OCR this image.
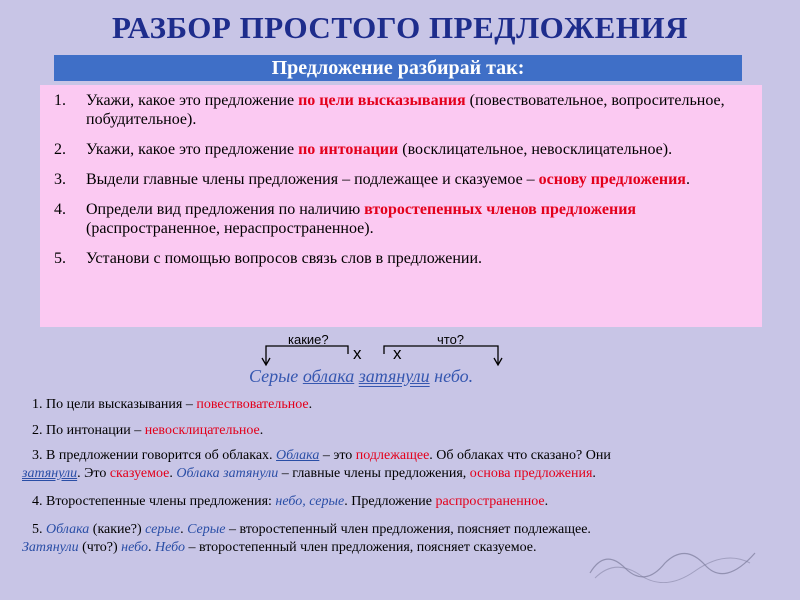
РАЗБОР ПРОСТОГО ПРЕДЛОЖЕНИЯ
Предложение разбирай так:
1. Укажи, какое это предложение по цели высказывания (повествовательное, вопросительное, побудительное).
2. Укажи, какое это предложение по интонации (восклицательное, невосклицательное).
3. Выдели главные члены предложения – подлежащее и сказуемое – основу предложения.
4. Определи вид предложения по наличию второстепенных членов предложения (распространенное, нераспространенное).
5. Установи с помощью вопросов связь слов в предложении.
какие?	что?
х х
Серые облака затянули небо.
1. По цели высказывания – повествовательное.
2. По интонации – невосклицательное.
3. В предложении говорится об облаках. Облака – это подлежащее. Об облаках что сказано? Они
затянули. Это сказуемое. Облака затянули – главные члены предложения, основа предложения.
4. Второстепенные члены предложения: небо, серые. Предложение распространенное.
5. Облака (какие?) серые. Серые – второстепенный член предложения, поясняет подлежащее.
Затянули (что?) небо. Небо – второстепенный член предложения, поясняет сказуемое.
